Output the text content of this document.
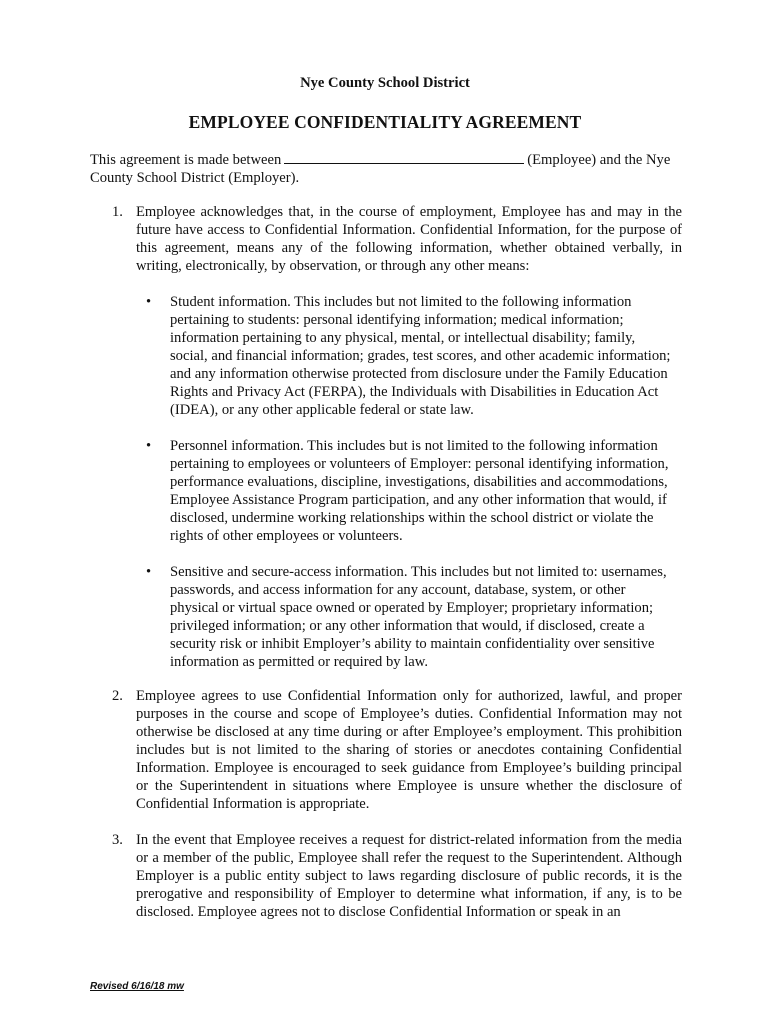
Nye County School District
EMPLOYEE CONFIDENTIALITY AGREEMENT
This agreement is made between	(Employee) and the Nye County School District (Employer).
1. Employee acknowledges that, in the course of employment, Employee has and may in the future have access to Confidential Information. Confidential Information, for the purpose of this agreement, means any of the following information, whether obtained verbally, in writing, electronically, by observation, or through any other means:
•	Student information. This includes but not limited to the following information pertaining to students: personal identifying information; medical information; information pertaining to any physical, mental, or intellectual disability; family, social, and financial information; grades, test scores, and other academic information; and any information otherwise protected from disclosure under the Family Education Rights and Privacy Act (FERPA), the Individuals with Disabilities in Education Act (IDEA), or any other applicable federal or state law.
•	Personnel information. This includes but is not limited to the following information pertaining to employees or volunteers of Employer: personal identifying information, performance evaluations, discipline, investigations, disabilities and accommodations, Employee Assistance Program participation, and any other information that would, if disclosed, undermine working relationships within the school district or violate the rights of other employees or volunteers.
•	Sensitive and secure-access information. This includes but not limited to: usernames, passwords, and access information for any account, database, system, or other physical or virtual space owned or operated by Employer; proprietary information; privileged information; or any other information that would, if disclosed, create a security risk or inhibit Employer’s ability to maintain confidentiality over sensitive information as permitted or required by law.
2. Employee agrees to use Confidential Information only for authorized, lawful, and proper purposes in the course and scope of Employee’s duties. Confidential Information may not otherwise be disclosed at any time during or after Employee’s employment. This prohibition includes but is not limited to the sharing of stories or anecdotes containing Confidential Information. Employee is encouraged to seek guidance from Employee’s building principal or the Superintendent in situations where Employee is unsure whether the disclosure of Confidential Information is appropriate.
3. In the event that Employee receives a request for district-related information from the media or a member of the public, Employee shall refer the request to the Superintendent. Although Employer is a public entity subject to laws regarding disclosure of public records, it is the prerogative and responsibility of Employer to determine what information, if any, is to be disclosed. Employee agrees not to disclose Confidential Information or speak in an
Revised 6/16/18 mw
